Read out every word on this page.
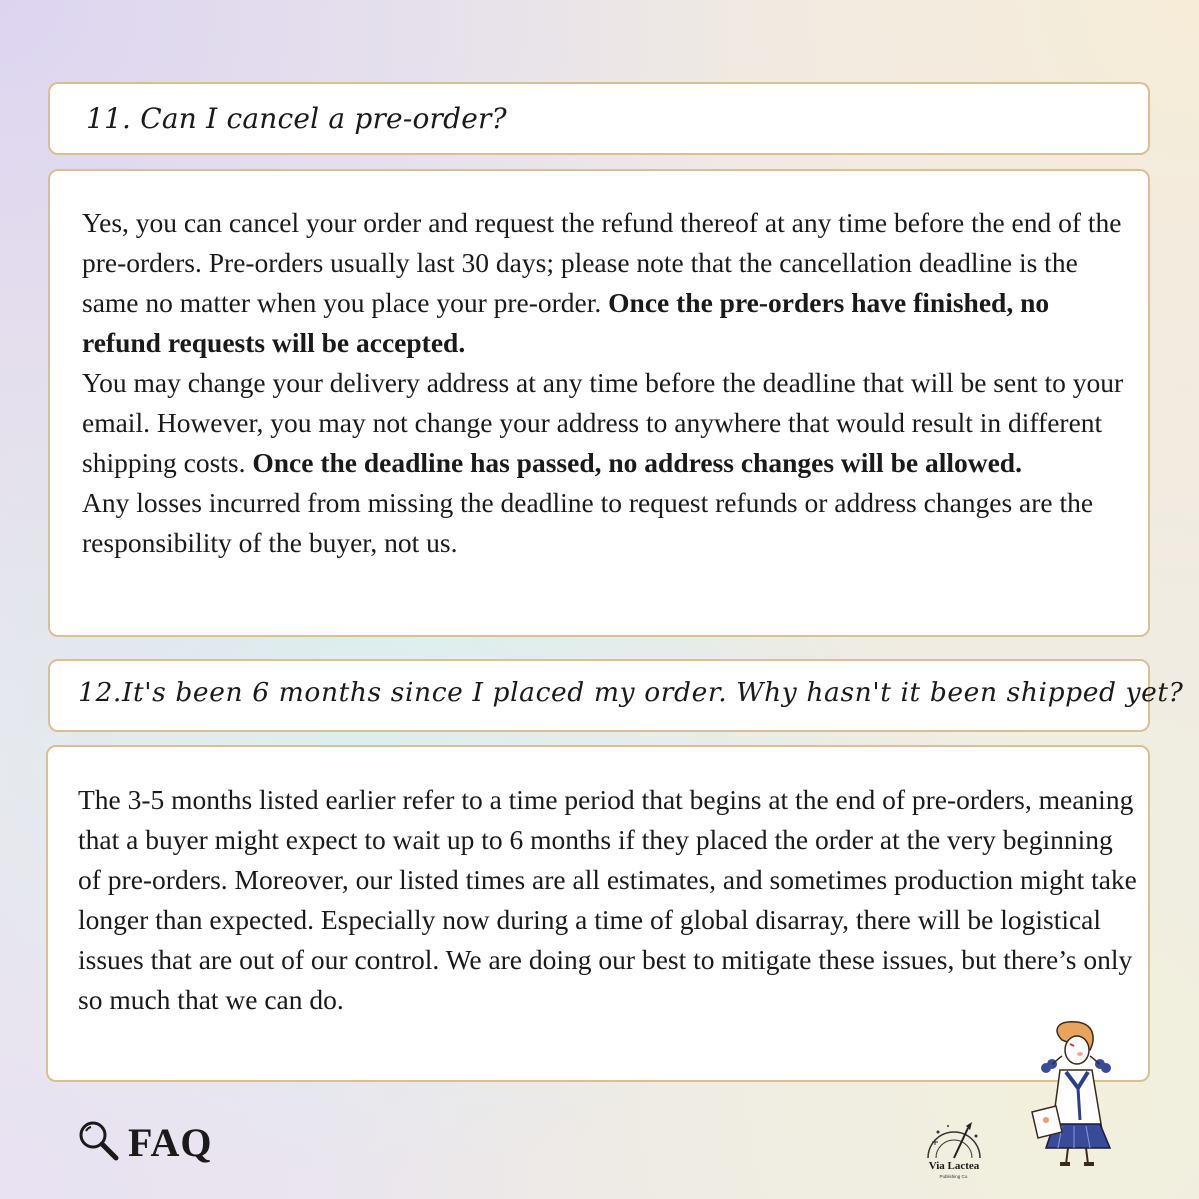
11. Can I cancel a pre-order?

Yes, you can cancel your order and request the refund thereof at any time before the end of the pre-orders. Pre-orders usually last 30 days; please note that the cancellation deadline is the same no matter when you place your pre-order. Once the pre-orders have finished, no refund requests will be accepted.

You may change your delivery address at any time before the deadline that will be sent to your email. However, you may not change your address to anywhere that would result in different shipping costs. Once the deadline has passed, no address changes will be allowed.

Any losses incurred from missing the deadline to request refunds or address changes are the responsibility of the buyer, not us.

12.It's been 6 months since I placed my order. Why hasn't it been shipped yet?

The 3-5 months listed earlier refer to a time period that begins at the end of pre-orders, meaning that a buyer might expect to wait up to 6 months if they placed the order at the very beginning of pre-orders. Moreover, our listed times are all estimates, and sometimes production might take longer than expected. Especially now during a time of global disarray, there will be logistical issues that are out of our control. We are doing our best to mitigate these issues, but there’s only so much that we can do.

FAQ
Via Lactea
Publishing Co.
